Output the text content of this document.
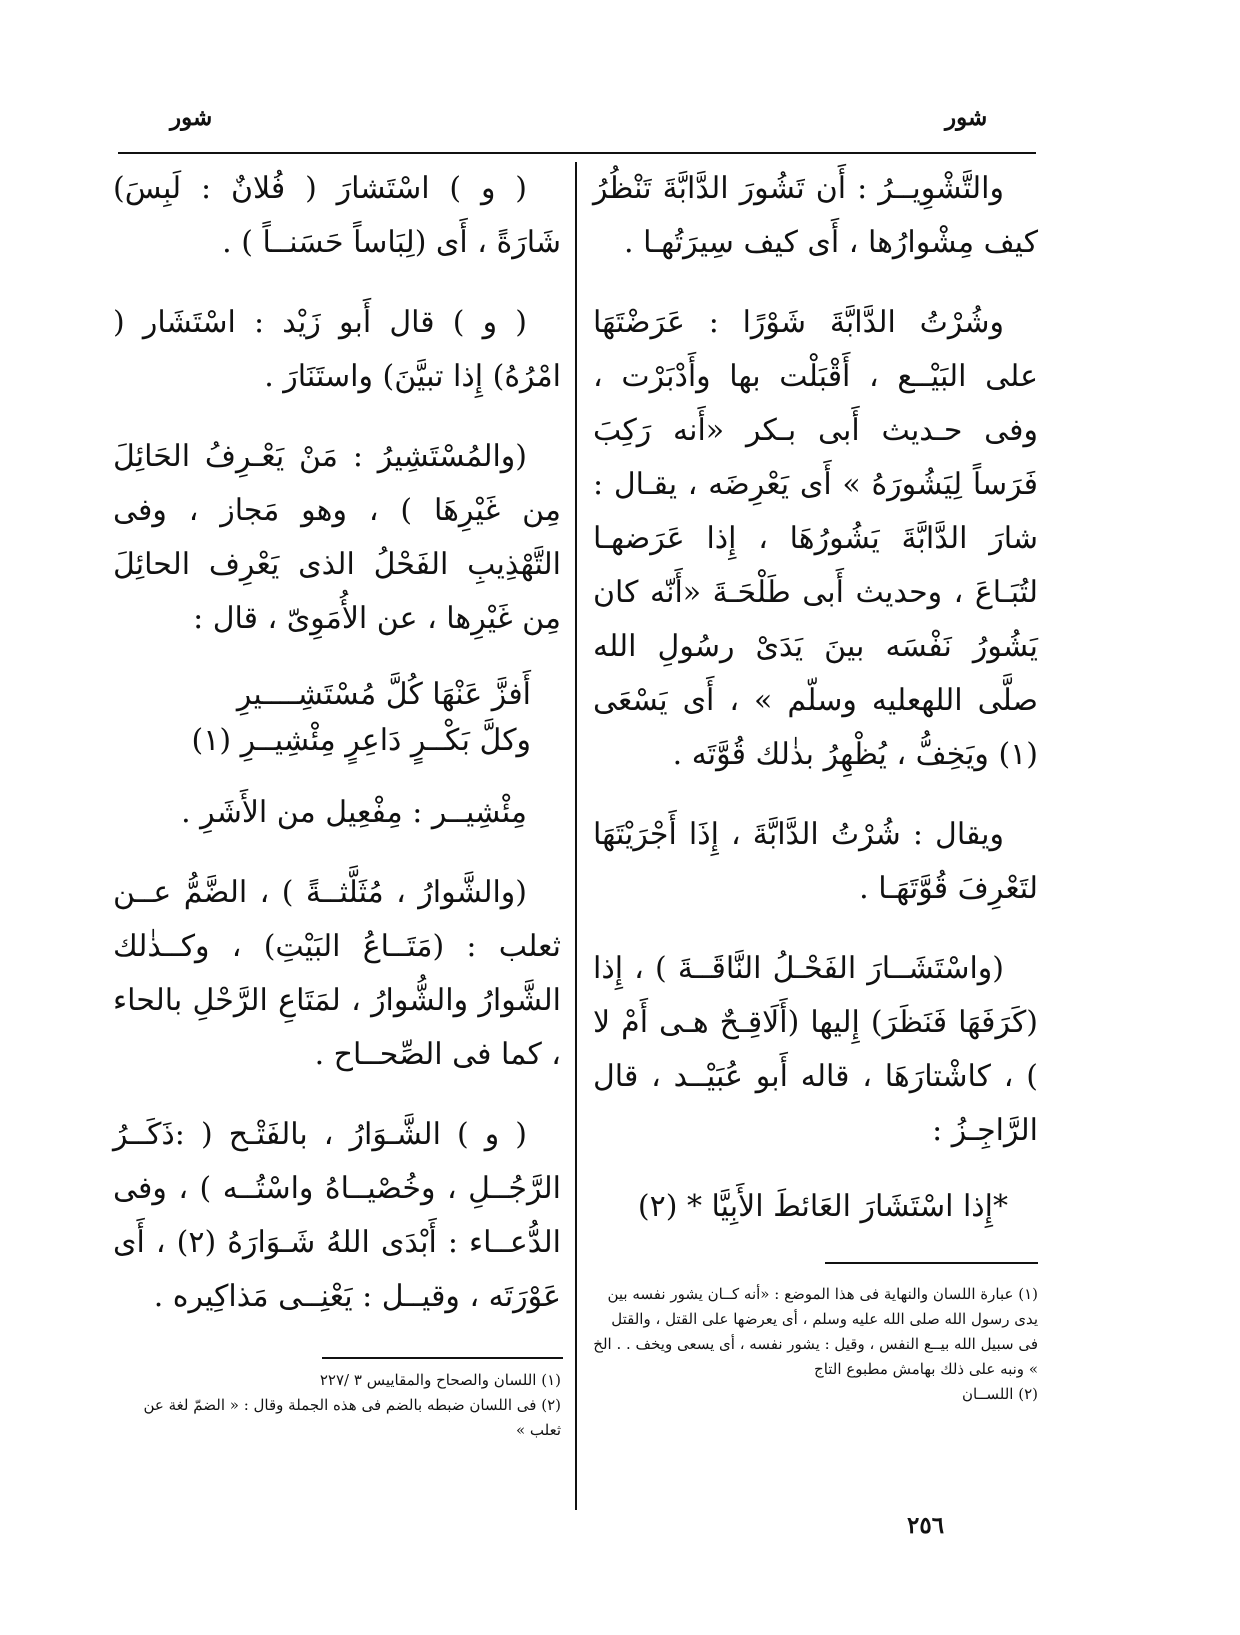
شور
شور

والتَّشْوِيــرُ : أَن تَشُورَ الدَّابَّةَ تَنْظُرُ كيف مِشْوارُها ، أَى كيف سِيرَتُهـا .

وشُرْتُ الدَّابَّةَ شَوْرًا : عَرَضْتَهَا على البَيْــع ، أَقْبَلْت بها وأَدْبَرْت ، وفى حـديث أَبى بـكر «أَنه رَكِبَ فَرَساً لِيَشُورَهُ » أَى يَعْرِضَه ، يقـال : شارَ الدَّابَّةَ يَشُورُهَا ، إِذا عَرَضهـا لتُبَـاعَ ، وحديث أَبى طَلْحَـةَ «أَنّه كان يَشُورُ نَفْسَه بينَ يَدَىْ رسُولِ الله صلَّى اللهعليه وسلّم » ، أَى يَسْعَى (١) ويَخِفُّ ، يُظْهِرُ بذٰلك قُوَّتَه .

ويقال : شُرْتُ الدَّابَّةَ ، إِذَا أَجْرَيْتَهَا لتَعْرِفَ قُوَّتَهَـا .

(واسْتَشَــارَ الفَحْـلُ النَّاقَــةَ ) ، إِذا (كَرَفَهَا فَنَظَرَ) إِليها (أَلَاقِـحٌ هـى أَمْ لا ) ، كاشْتارَهَا ، قاله أَبو عُبَيْــد ، قال الرَّاجِـزُ :

*إِذا اسْتَشَارَ العَائطَ الأَبِيَّا * (٢)

( و ) اسْتَشارَ ( فُلانٌ : لَبِسَ) شَارَةً ، أَى (لِبَاساً حَسَنــاً ) .

( و ) قال أَبو زَيْد : اسْتَشَار ( امْرُهُ) إِذا تبيَّنَ) واستَنَارَ .

(والمُسْتَشِيرُ : مَنْ يَعْـرِفُ الحَائِلَ مِن غَيْرِهَا ) ، وهو مَجاز ، وفى التَّهْذِيبِ الفَحْلُ الذى يَعْرِف الحائِلَ مِن غَيْرِها ، عن الأُمَوِىّ ، قال :

أَفزَّ عَنْهَا كُلَّ مُسْتَشِــــيرِ
وكلَّ بَكْــرٍ دَاعِرٍ مِئْشِيــرِ (١)

مِئْشِيــر : مِفْعِيل من الأَشَرِ .

(والشَّوارُ ، مُثَلَّثــةً ) ، الضَّمُّ عــن ثعلب : (مَتَــاعُ البَيْتِ) ، وكــذٰلك الشَّوارُ والشُّوارُ ، لمَتَاعِ الرَّحْلِ بالحاء ، كما فى الصِّحــاح .

( و ) الشَّـوَارُ ، بالفَتْـح ( :ذَكَــرُ الرَّجُــلِ ، وخُصْيــاهُ واسْتُــه ) ، وفى الدُّعــاء : أَبْدَى اللهُ شَـوَارَهُ (٢) ، أَى عَوْرَتَه ، وقيــل : يَعْنِــى مَذاكِيره .	(١) عبارة اللسان والنهاية فى هذا الموضع : «أنه كــان يشور نفسه بين يدى رسول الله صلى الله عليه وسلم ، أى يعرضها على القتل ، والقتل فى سبيل الله بيــع النفس ، وقيل : يشور نفسه ، أى يسعى ويخف . . الخ » ونبه على ذلك بهامش مطبوع التاج

(٢) اللســان

(١) اللسان والصحاح والمقاييس ٣ /٢٢٧

(٢) فى اللسان ضبطه بالضم فى هذه الجملة وقال : « الضمّ لغة عن ثعلب »

٢٥٦
